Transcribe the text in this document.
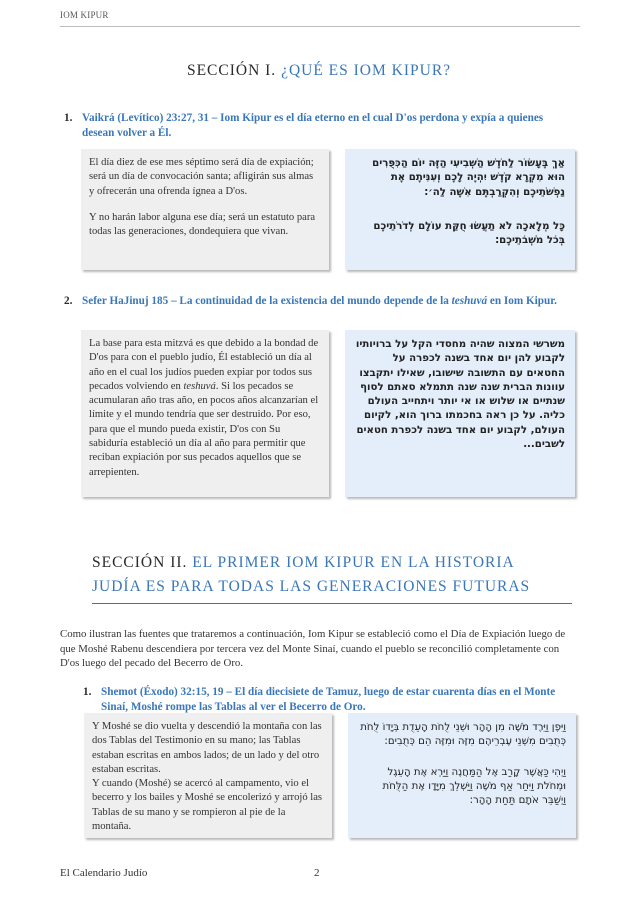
IOM KIPUR
SECCIÓN I. ¿QUÉ ES IOM KIPUR?
1. Vaikrá (Levítico) 23:27, 31 – Iom Kipur es el día eterno en el cual D'os perdona y expía a quienes desean volver a Él.

El día diez de ese mes séptimo será día de expiación; será un día de convocación santa; afligirán sus almas y ofrecerán una ofrenda ígnea a D'os.

Y no harán labor alguna ese día; será un estatuto para todas las generaciones, dondequiera que vivan.

אַךְ בֶּעָשׂוֹר לַחֹדֶשׁ הַשְּׁבִיעִי הַזֶּה יוֹם הַכִּפֻּרִים הוּא מִקְרָא קֹדֶשׁ יִהְיֶה לָכֶם וְעִנִּיתֶם אֶת נַפְשֹׁתֵיכֶם וְהִקְרַבְתֶּם אִשֶּׁה לַה׳:

כָּל מְלָאכָה לֹא תַעֲשׂוּ חֻקַּת עוֹלָם לְדֹרֹתֵיכֶם בְּכֹל מֹשְׁבֹתֵיכֶם:

2. Sefer HaJinuj 185 – La continuidad de la existencia del mundo depende de la teshuvá en Iom Kipur.

La base para esta mitzvá es que debido a la bondad de D'os para con el pueblo judío, Él estableció un día al año en el cual los judíos pueden expiar por todos sus pecados volviendo en teshuvá. Si los pecados se acumularan año tras año, en pocos años alcanzarían el límite y el mundo tendría que ser destruido. Por eso, para que el mundo pueda existir, D'os con Su sabiduría estableció un día al año para permitir que reciban expiación por sus pecados aquellos que se arrepienten.

משרשי המצוה שהיה מחסדי הקל על ברויותיו לקבוע להן יום אחד בשנה לכפרה על החטאים עם התשובה שישובו, שאילו יתקבצו עוונות הברית שנה שנה תתמלא סאתם לסוף שנתיים או שלוש או אי יותר ויתחייב העולם כליה. על כן ראה בחכמתו ברוך הוא, לקיום העולם, לקבוע יום אחד בשנה לכפרת חטאים לשבים...

SECCIÓN II. EL PRIMER IOM KIPUR EN LA HISTORIA
JUDÍA ES PARA TODAS LAS GENERACIONES FUTURAS
Como ilustran las fuentes que trataremos a continuación, Iom Kipur se estableció como el Día de Expiación luego de que Moshé Rabenu descendiera por tercera vez del Monte Sinaí, cuando el pueblo se reconcilió completamente con D'os luego del pecado del Becerro de Oro.
1. Shemot (Éxodo) 32:15, 19 – El día diecisiete de Tamuz, luego de estar cuarenta días en el Monte Sinaí, Moshé rompe las Tablas al ver el Becerro de Oro.

Y Moshé se dio vuelta y descendió la montaña con las dos Tablas del Testimonio en su mano; las Tablas estaban escritas en ambos lados; de un lado y del otro estaban escritas.

Y cuando (Moshé) se acercó al campamento, vio el becerro y los bailes y Moshé se encolerizó y arrojó las Tablas de su mano y se rompieron al pie de la montaña.

וַיִּפֶן וַיֵּרֶד מֹשֶׁה מִן הָהָר וּשְׁנֵי לֻחֹת הָעֵדֻת בְּיָדוֹ לֻחֹת כְּתֻבִים מִשְּׁנֵי עֶבְרֵיהֶם מִזֶּה וּמִזֶּה הֵם כְּתֻבִים:

וַיְהִי כַּאֲשֶׁר קָרַב אֶל הַמַּחֲנֶה וַיַּרְא אֶת הָעֵגֶל וּמְחֹלֹת וַיִּחַר אַף מֹשֶׁה וַיַּשְׁלֵךְ מִיָּדָו אֶת הַלֻּחֹת וַיְשַׁבֵּר אֹתָם תַּחַת הָהָר:

El Calendario Judío	2
